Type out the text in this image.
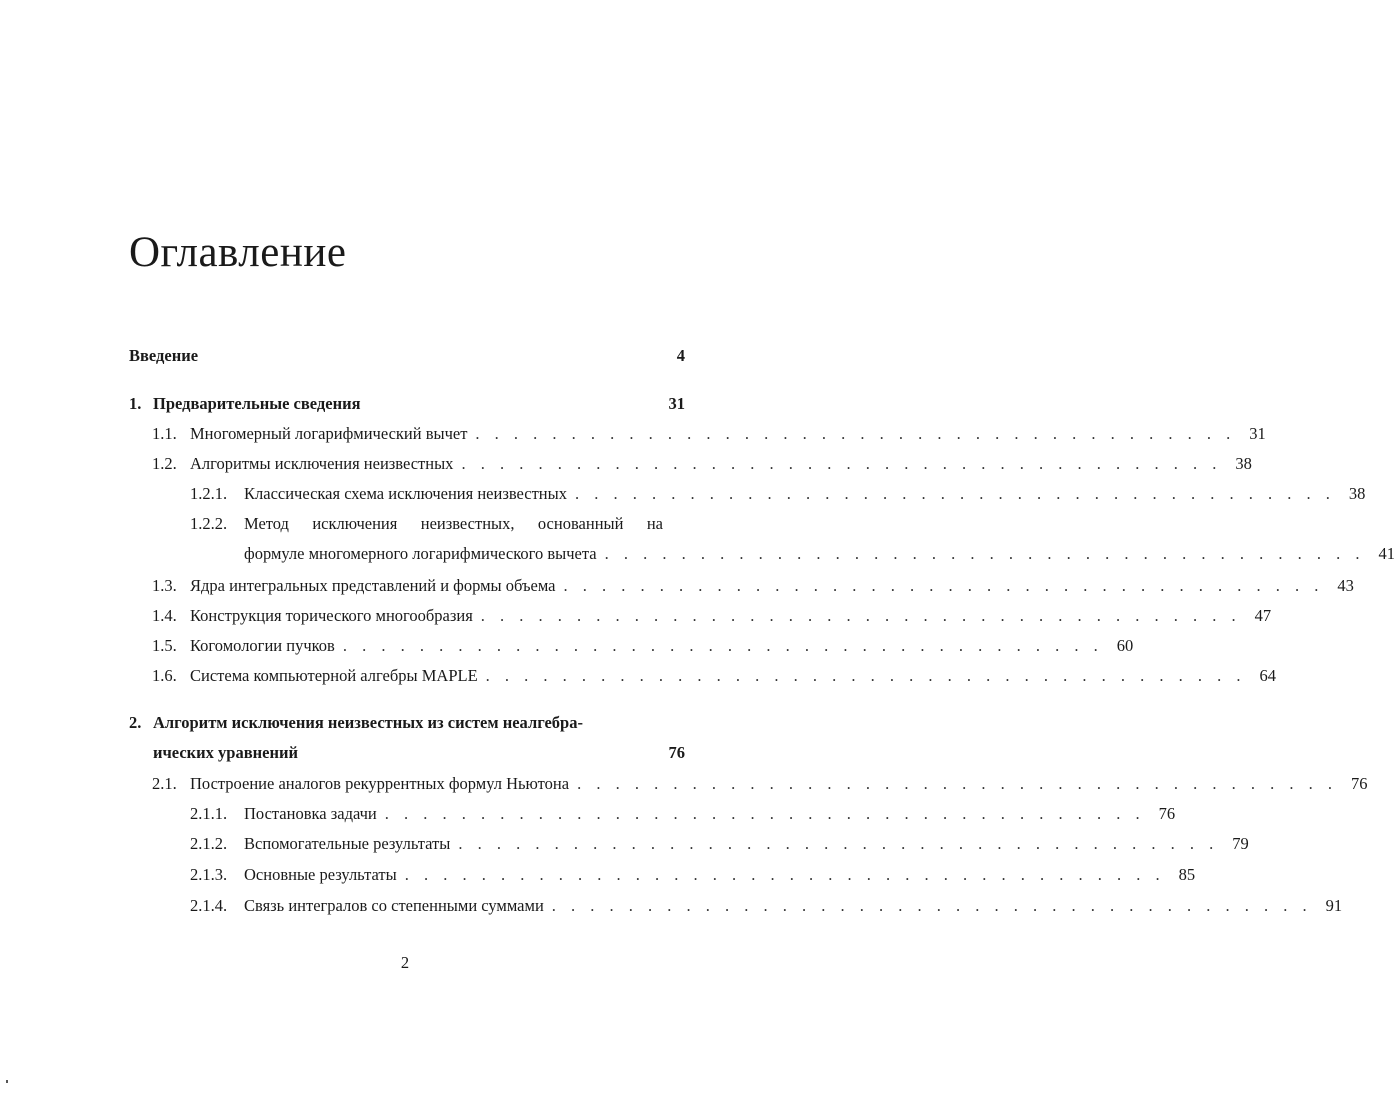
Оглавление
Введение	4
1. Предварительные сведения	31
1.1. Многомерный логарифмический вычет . . . . . . . . . . . . . . . . . . . . . . . . . . . . . . . . . . . . . . . . 31
1.2. Алгоритмы исключения неизвестных . . . . . . . . . . . . . . . . . . . . . . . . . . . . . . . . . . . . . . . . 38
1.2.1.	Классическая схема исключения неизвестных . . . . . . . . . . . . . . . . . . . . . . . . . . . . . . . . . . . . . . . . 38
1.2.2.	Метод исключения неизвестных, основанный на
формуле многомерного логарифмического вычета . . . . . . . . . . . . . . . . . . . . . . . . . . . . . . . . . . . . . . . . 41
1.3. Ядра интегральных представлений и формы объема . . . . . . . . . . . . . . . . . . . . . . . . . . . . . . . . . . . . . . . . 43
1.4. Конструкция торического многообразия . . . . . . . . . . . . . . . . . . . . . . . . . . . . . . . . . . . . . . . . 47
1.5. Когомологии пучков . . . . . . . . . . . . . . . . . . . . . . . . . . . . . . . . . . . . . . . . 60
1.6. Система компьютерной алгебры MAPLE . . . . . . . . . . . . . . . . . . . . . . . . . . . . . . . . . . . . . . . . 64
2. Алгоритм исключения неизвестных из систем неалгебра-
ических уравнений	76
2.1. Построение аналогов рекуррентных формул Ньютона . . . . . . . . . . . . . . . . . . . . . . . . . . . . . . . . . . . . . . . . 76
2.1.1.	Постановка задачи . . . . . . . . . . . . . . . . . . . . . . . . . . . . . . . . . . . . . . . . 76
2.1.2.	Вспомогательные результаты . . . . . . . . . . . . . . . . . . . . . . . . . . . . . . . . . . . . . . . . 79
2.1.3.	Основные результаты . . . . . . . . . . . . . . . . . . . . . . . . . . . . . . . . . . . . . . . . 85
2.1.4.	Связь интегралов со степенными суммами . . . . . . . . . . . . . . . . . . . . . . . . . . . . . . . . . . . . . . . . 91
2
